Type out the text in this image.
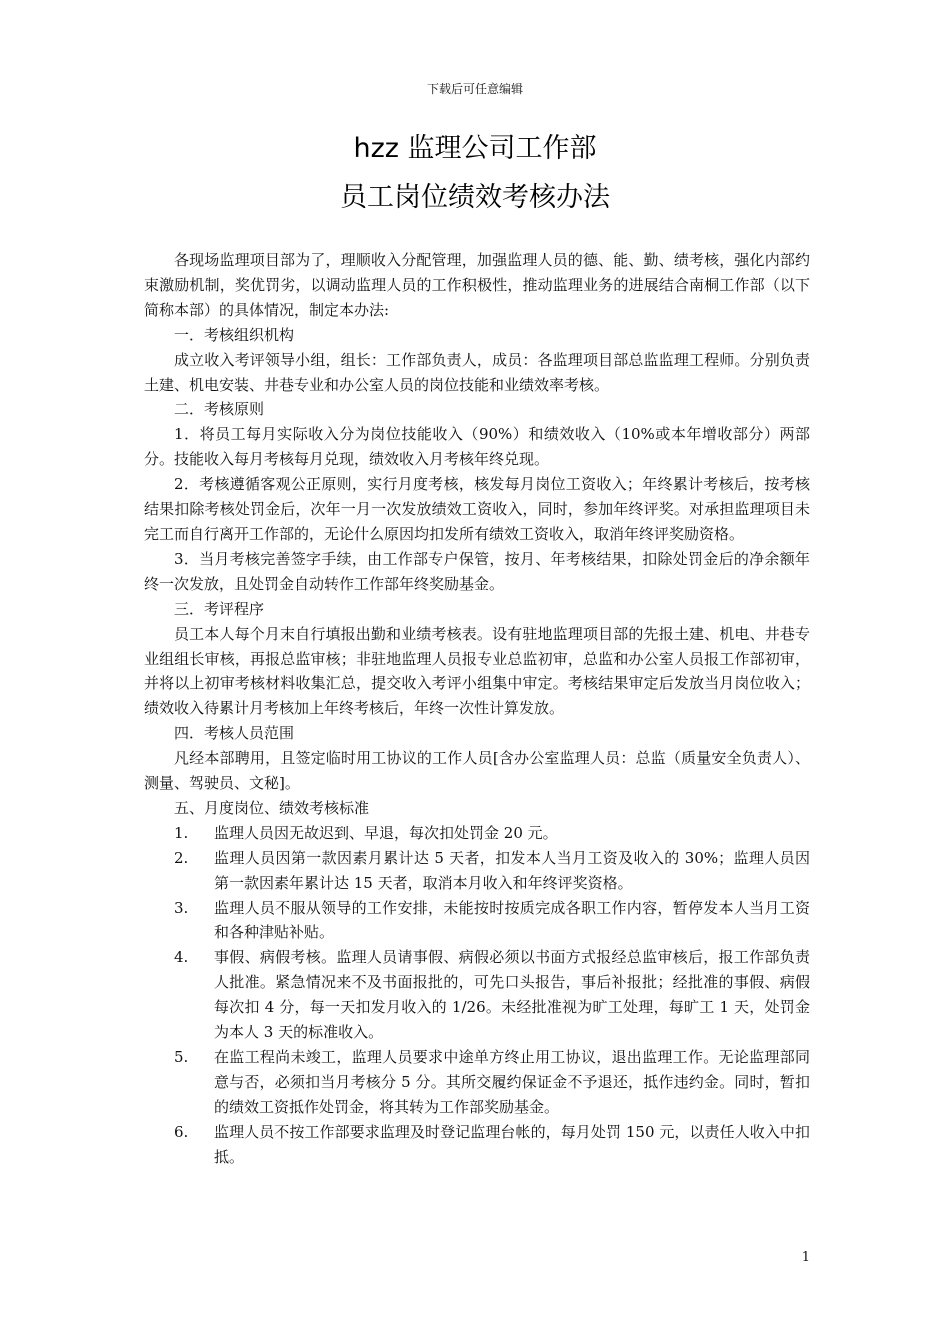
下载后可任意编辑
hzz 监理公司工作部
员工岗位绩效考核办法

各现场监理项目部为了，理顺收入分配管理，加强监理人员的德、能、勤、绩考核，强化内部约束激励机制，奖优罚劣，以调动监理人员的工作积极性，推动监理业务的进展结合南桐工作部（以下简称本部）的具体情况，制定本办法:

一．考核组织机构

成立收入考评领导小组，组长：工作部负责人，成员：各监理项目部总监监理工程师。分别负责土建、机电安装、井巷专业和办公室人员的岗位技能和业绩效率考核。

二．考核原则

1．将员工每月实际收入分为岗位技能收入（90%）和绩效收入（10%或本年增收部分）两部分。技能收入每月考核每月兑现，绩效收入月考核年终兑现。

2．考核遵循客观公正原则，实行月度考核，核发每月岗位工资收入；年终累计考核后，按考核结果扣除考核处罚金后，次年一月一次发放绩效工资收入，同时，参加年终评奖。对承担监理项目未完工而自行离开工作部的，无论什么原因均扣发所有绩效工资收入，取消年终评奖励资格。

3．当月考核完善签字手续，由工作部专户保管，按月、年考核结果，扣除处罚金后的净余额年终一次发放，且处罚金自动转作工作部年终奖励基金。

三．考评程序

员工本人每个月末自行填报出勤和业绩考核表。设有驻地监理项目部的先报土建、机电、井巷专业组组长审核，再报总监审核；非驻地监理人员报专业总监初审，总监和办公室人员报工作部初审，并将以上初审考核材料收集汇总，提交收入考评小组集中审定。考核结果审定后发放当月岗位收入；绩效收入待累计月考核加上年终考核后，年终一次性计算发放。

四．考核人员范围

凡经本部聘用，且签定临时用工协议的工作人员[含办公室监理人员：总监（质量安全负责人）、测量、驾驶员、文秘]。

五、月度岗位、绩效考核标准

1.	监理人员因无故迟到、早退，每次扣处罚金 20 元。

2.	监理人员因第一款因素月累计达 5 天者，扣发本人当月工资及收入的 30%；监理人员因第一款因素年累计达 15 天者，取消本月收入和年终评奖资格。

3.	监理人员不服从领导的工作安排，未能按时按质完成各职工作内容，暂停发本人当月工资和各种津贴补贴。

4.	事假、病假考核。监理人员请事假、病假必须以书面方式报经总监审核后，报工作部负责人批准。紧急情况来不及书面报批的，可先口头报告，事后补报批；经批准的事假、病假每次扣 4 分，每一天扣发月收入的 1/26。未经批准视为旷工处理，每旷工 1 天，处罚金为本人 3 天的标准收入。

5.	在监工程尚未竣工，监理人员要求中途单方终止用工协议，退出监理工作。无论监理部同意与否，必须扣当月考核分 5 分。其所交履约保证金不予退还，抵作违约金。同时，暂扣的绩效工资抵作处罚金，将其转为工作部奖励基金。

6.	监理人员不按工作部要求监理及时登记监理台帐的，每月处罚 150 元，以责任人收入中扣抵。

1
